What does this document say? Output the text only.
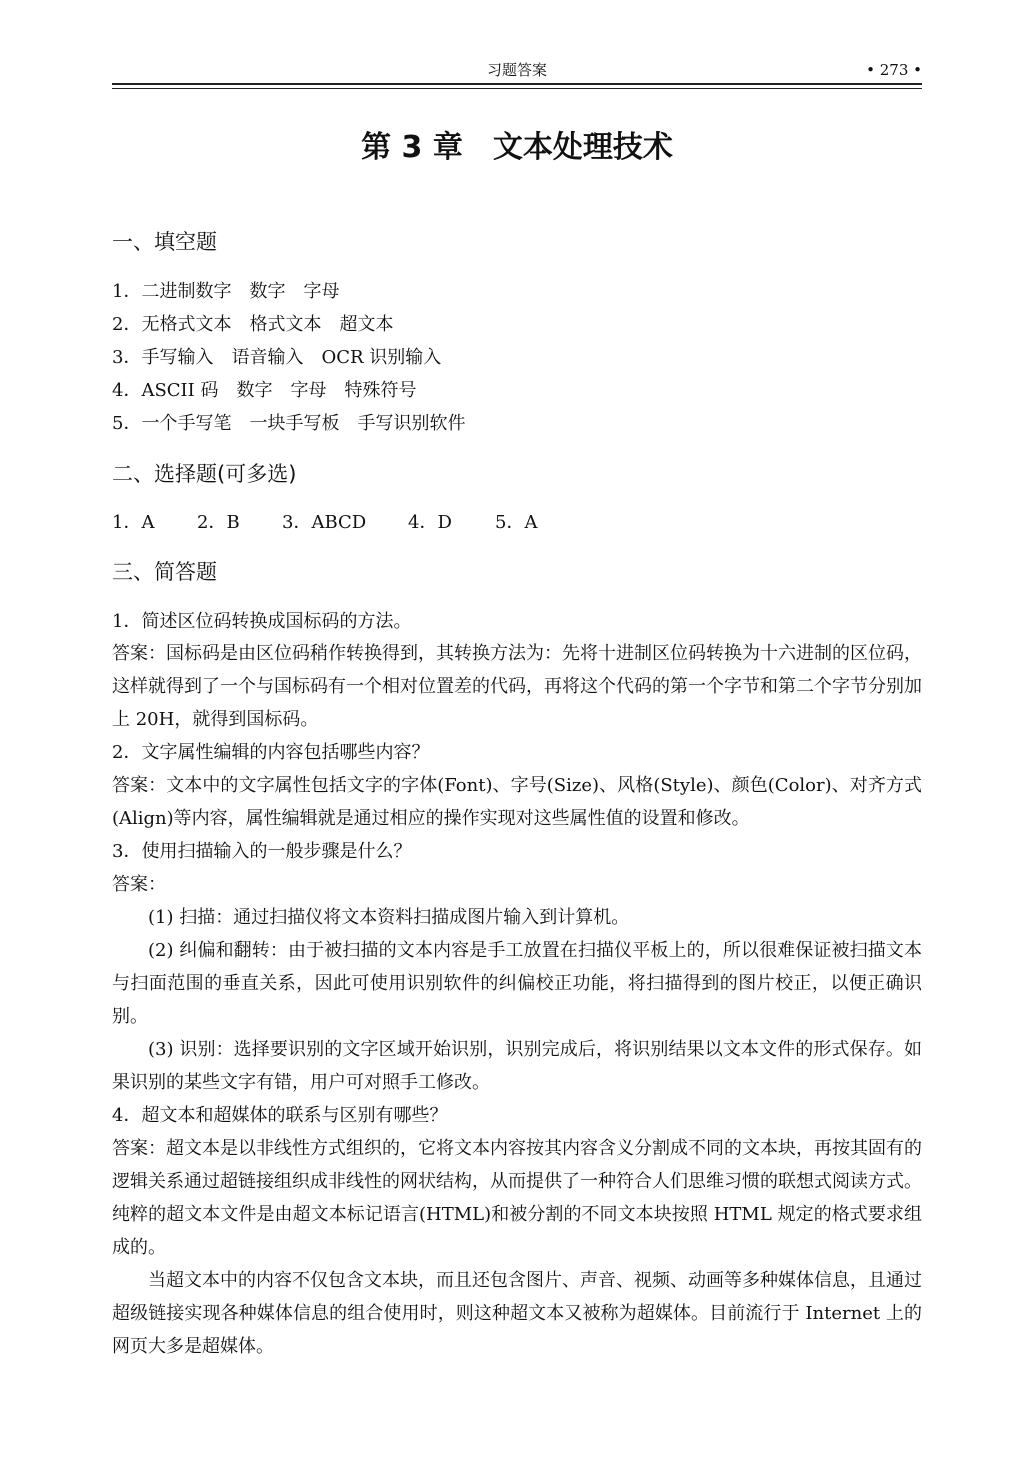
习题答案	• 273 •
第 3 章 文本处理技术
一、填空题
1．二进制数字 数字 字母
2．无格式文本 格式文本 超文本
3．手写输入 语音输入 OCR 识别输入
4．ASCII 码 数字 字母 特殊符号
5．一个手写笔 一块手写板 手写识别软件
二、选择题(可多选)
1．A 2．B 3．ABCD 4．D 5．A
三、简答题
1．简述区位码转换成国标码的方法。
答案：国标码是由区位码稍作转换得到，其转换方法为：先将十进制区位码转换为十六进制的区位码，这样就得到了一个与国标码有一个相对位置差的代码，再将这个代码的第一个字节和第二个字节分别加上 20H，就得到国标码。
2．文字属性编辑的内容包括哪些内容？
答案：文本中的文字属性包括文字的字体(Font)、字号(Size)、风格(Style)、颜色(Color)、对齐方式(Align)等内容，属性编辑就是通过相应的操作实现对这些属性值的设置和修改。
3．使用扫描输入的一般步骤是什么？
答案：
(1) 扫描：通过扫描仪将文本资料扫描成图片输入到计算机。
(2) 纠偏和翻转：由于被扫描的文本内容是手工放置在扫描仪平板上的，所以很难保证被扫描文本与扫面范围的垂直关系，因此可使用识别软件的纠偏校正功能，将扫描得到的图片校正，以便正确识别。
(3) 识别：选择要识别的文字区域开始识别，识别完成后，将识别结果以文本文件的形式保存。如果识别的某些文字有错，用户可对照手工修改。
4．超文本和超媒体的联系与区别有哪些？
答案：超文本是以非线性方式组织的，它将文本内容按其内容含义分割成不同的文本块，再按其固有的逻辑关系通过超链接组织成非线性的网状结构，从而提供了一种符合人们思维习惯的联想式阅读方式。纯粹的超文本文件是由超文本标记语言(HTML)和被分割的不同文本块按照 HTML 规定的格式要求组成的。
当超文本中的内容不仅包含文本块，而且还包含图片、声音、视频、动画等多种媒体信息，且通过超级链接实现各种媒体信息的组合使用时，则这种超文本又被称为超媒体。目前流行于 Internet 上的网页大多是超媒体。
